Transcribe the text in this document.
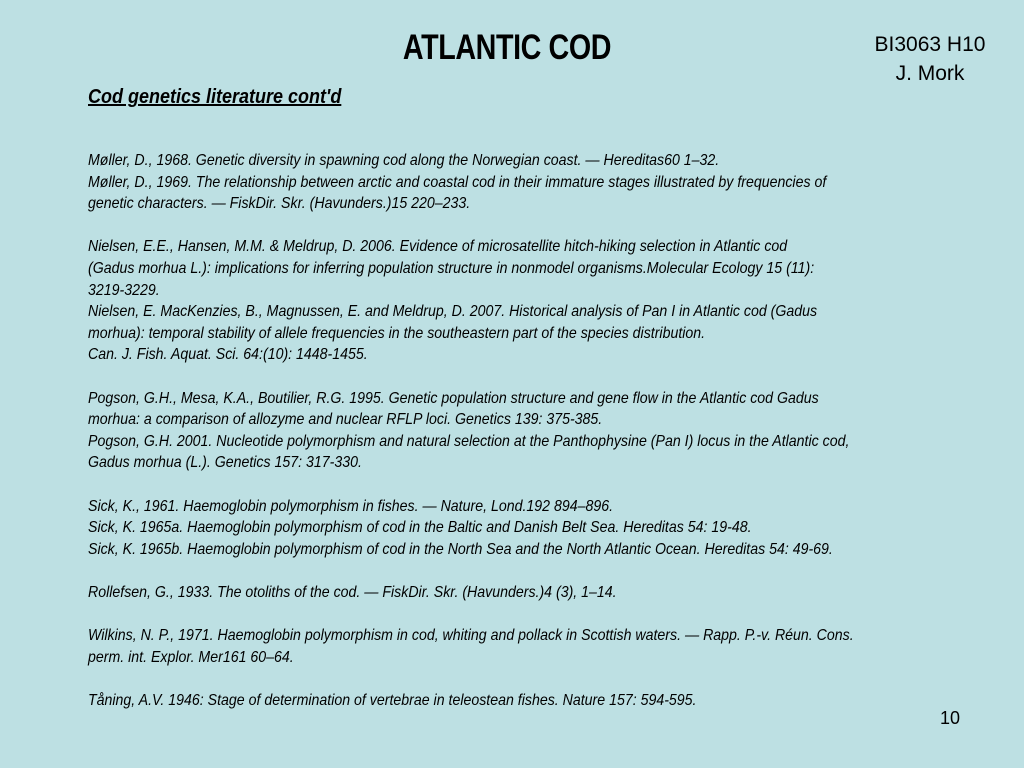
ATLANTIC COD	BI3063 H10
J. Mork

Cod genetics literature cont'd

Møller, D., 1968. Genetic diversity in spawning cod along the Norwegian coast. — Hereditas60 1–32.

Møller, D., 1969. The relationship between arctic and coastal cod in their immature stages illustrated by frequencies of

genetic characters. — FiskDir. Skr. (Havunders.)15 220–233.

Nielsen, E.E., Hansen, M.M. & Meldrup, D. 2006. Evidence of microsatellite hitch-hiking selection in Atlantic cod

(Gadus morhua L.): implications for inferring population structure in nonmodel organisms.Molecular Ecology 15 (11):

3219-3229.

Nielsen, E. MacKenzies, B., Magnussen, E. and Meldrup, D. 2007. Historical analysis of Pan I in Atlantic cod (Gadus

morhua): temporal stability of allele frequencies in the southeastern part of the species distribution.

Can. J. Fish. Aquat. Sci. 64:(10): 1448-1455.

Pogson, G.H., Mesa, K.A., Boutilier, R.G. 1995. Genetic population structure and gene flow in the Atlantic cod Gadus

morhua: a comparison of allozyme and nuclear RFLP loci. Genetics 139: 375-385.

Pogson, G.H. 2001. Nucleotide polymorphism and natural selection at the Panthophysine (Pan I) locus in the Atlantic cod,

Gadus morhua (L.). Genetics 157: 317-330.

Sick, K., 1961. Haemoglobin polymorphism in fishes. — Nature, Lond.192 894–896.

Sick, K. 1965a. Haemoglobin polymorphism of cod in the Baltic and Danish Belt Sea. Hereditas 54: 19-48.

Sick, K. 1965b. Haemoglobin polymorphism of cod in the North Sea and the North Atlantic Ocean. Hereditas 54: 49-69.

Rollefsen, G., 1933. The otoliths of the cod. — FiskDir. Skr. (Havunders.)4 (3), 1–14.

Wilkins, N. P., 1971. Haemoglobin polymorphism in cod, whiting and pollack in Scottish waters. — Rapp. P.-v. Réun. Cons.

perm. int. Explor. Mer161 60–64.

Tåning, A.V. 1946: Stage of determination of vertebrae in teleostean fishes. Nature 157: 594-595.

10
